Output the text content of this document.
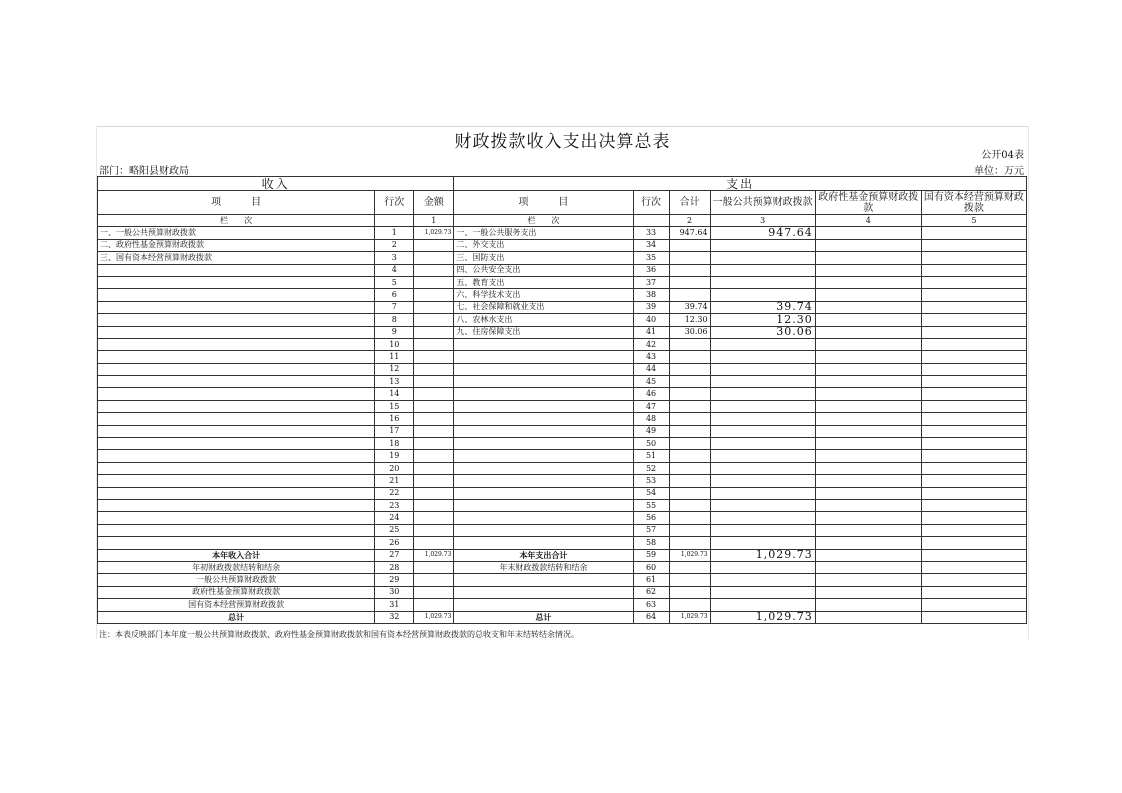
财政拨款收入支出决算总表
公开04表
部门：略阳县财政局	单位：万元
收入			支出					
项　　　目	行次	金额	项　　　目	行次	合计	一般公共预算财政拨款	政府性基金预算财政拨款	国有资本经营预算财政拨款
栏　　次		1	栏　　次		2	3	4	5
一、一般公共预算财政拨款	1	1,029.73	一、一般公共服务支出	33	947.64	947.64		
二、政府性基金预算财政拨款	2		二、外交支出	34				
三、国有资本经营预算财政拨款	3		三、国防支出	35				
	4		四、公共安全支出	36				
	5		五、教育支出	37				
	6		六、科学技术支出	38				
	7		七、社会保障和就业支出	39	39.74	39.74		
	8		八、农林水支出	40	12.30	12.30		
	9		九、住房保障支出	41	30.06	30.06		
	10			42				
	11			43				
	12			44				
	13			45				
	14			46				
	15			47				
	16			48				
	17			49				
	18			50				
	19			51				
	20			52				
	21			53				
	22			54				
	23			55				
	24			56				
	25			57				
	26			58				
本年收入合计	27	1,029.73	本年支出合计	59	1,029.73	1,029.73		
年初财政拨款结转和结余	28		年末财政拨款结转和结余	60				
一般公共预算财政拨款	29			61				
政府性基金预算财政拨款	30			62				
国有资本经营预算财政拨款	31			63				
总计	32	1,029.73	总计	64	1,029.73	1,029.73		
注：本表反映部门本年度一般公共预算财政拨款、政府性基金预算财政拨款和国有资本经营预算财政拨款的总收支和年末结转结余情况。
